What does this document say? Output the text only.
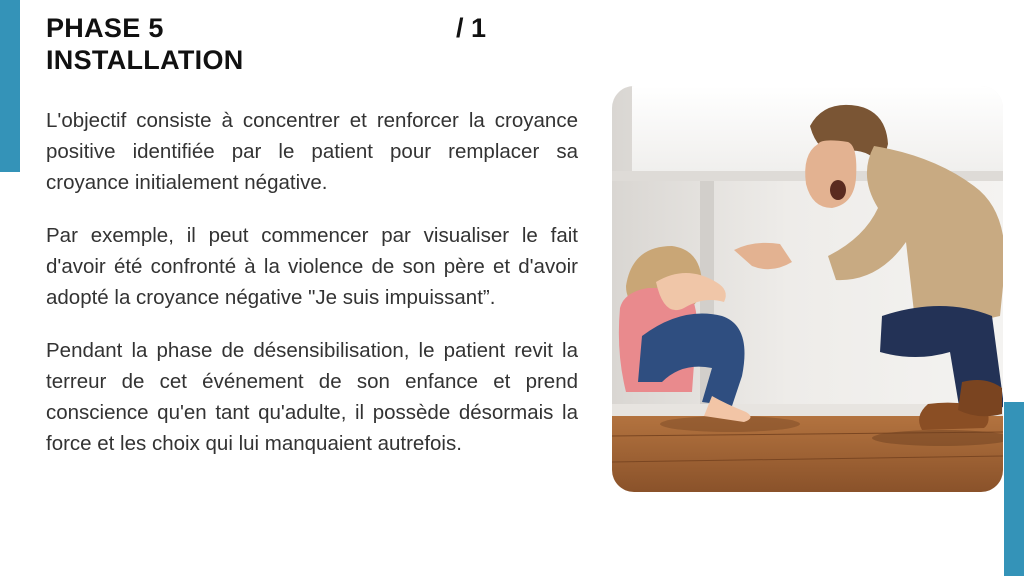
PHASE 5
INSTALLATION
/ 1

L'objectif consiste à concentrer et renforcer la croyance positive identifiée par le patient pour remplacer sa croyance initialement négative.

Par exemple, il peut commencer par visualiser le fait d'avoir été confronté à la violence de son père et d'avoir adopté la croyance négative "Je suis impuissant”.

Pendant la phase de désensibilisation, le patient revit la terreur de cet événement de son enfance et prend conscience qu'en tant qu'adulte, il possède désormais la force et les choix qui lui manquaient autrefois.
